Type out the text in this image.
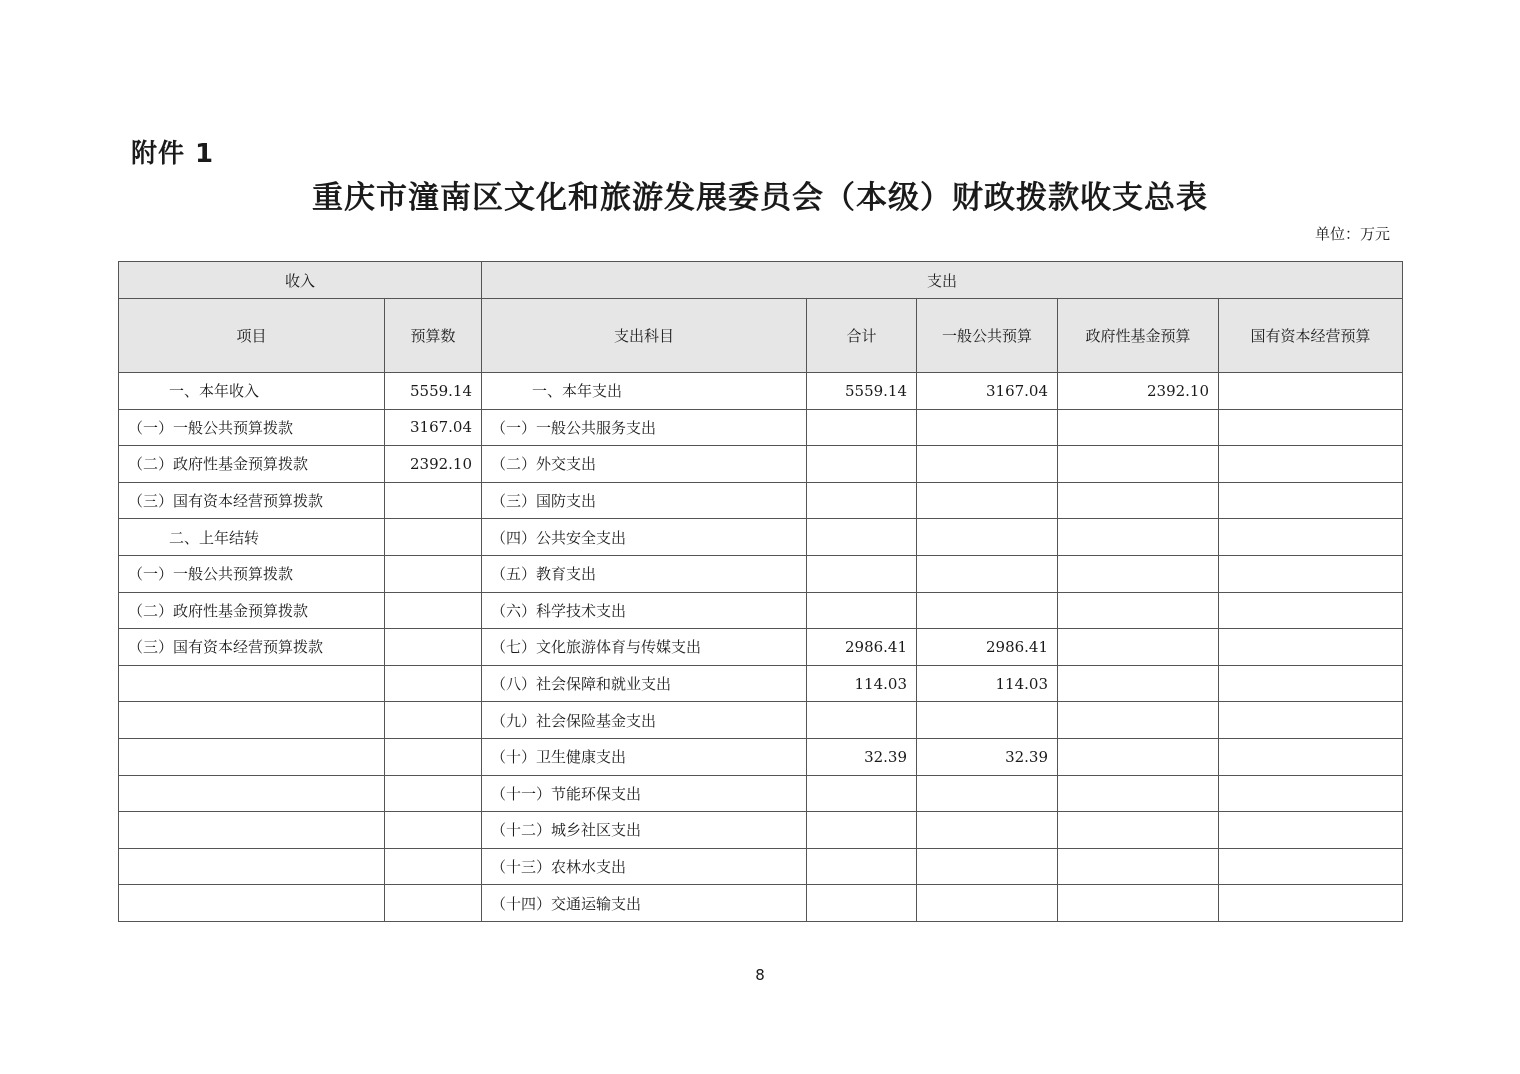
附件 1
重庆市潼南区文化和旅游发展委员会（本级）财政拨款收支总表
单位：万元
收入		支出				
项目	预算数	支出科目	合计	一般公共预算	政府性基金预算	国有资本经营预算
一、本年收入	5559.14	一、本年支出	5559.14	3167.04	2392.10	
（一）一般公共预算拨款	3167.04	（一）一般公共服务支出				
（二）政府性基金预算拨款	2392.10	（二）外交支出				
（三）国有资本经营预算拨款		（三）国防支出				
二、上年结转		（四）公共安全支出				
（一）一般公共预算拨款		（五）教育支出				
（二）政府性基金预算拨款		（六）科学技术支出				
（三）国有资本经营预算拨款		（七）文化旅游体育与传媒支出	2986.41	2986.41		
		（八）社会保障和就业支出	114.03	114.03		
		（九）社会保险基金支出				
		（十）卫生健康支出	32.39	32.39		
		（十一）节能环保支出				
		（十二）城乡社区支出				
		（十三）农林水支出				
		（十四）交通运输支出				
8
